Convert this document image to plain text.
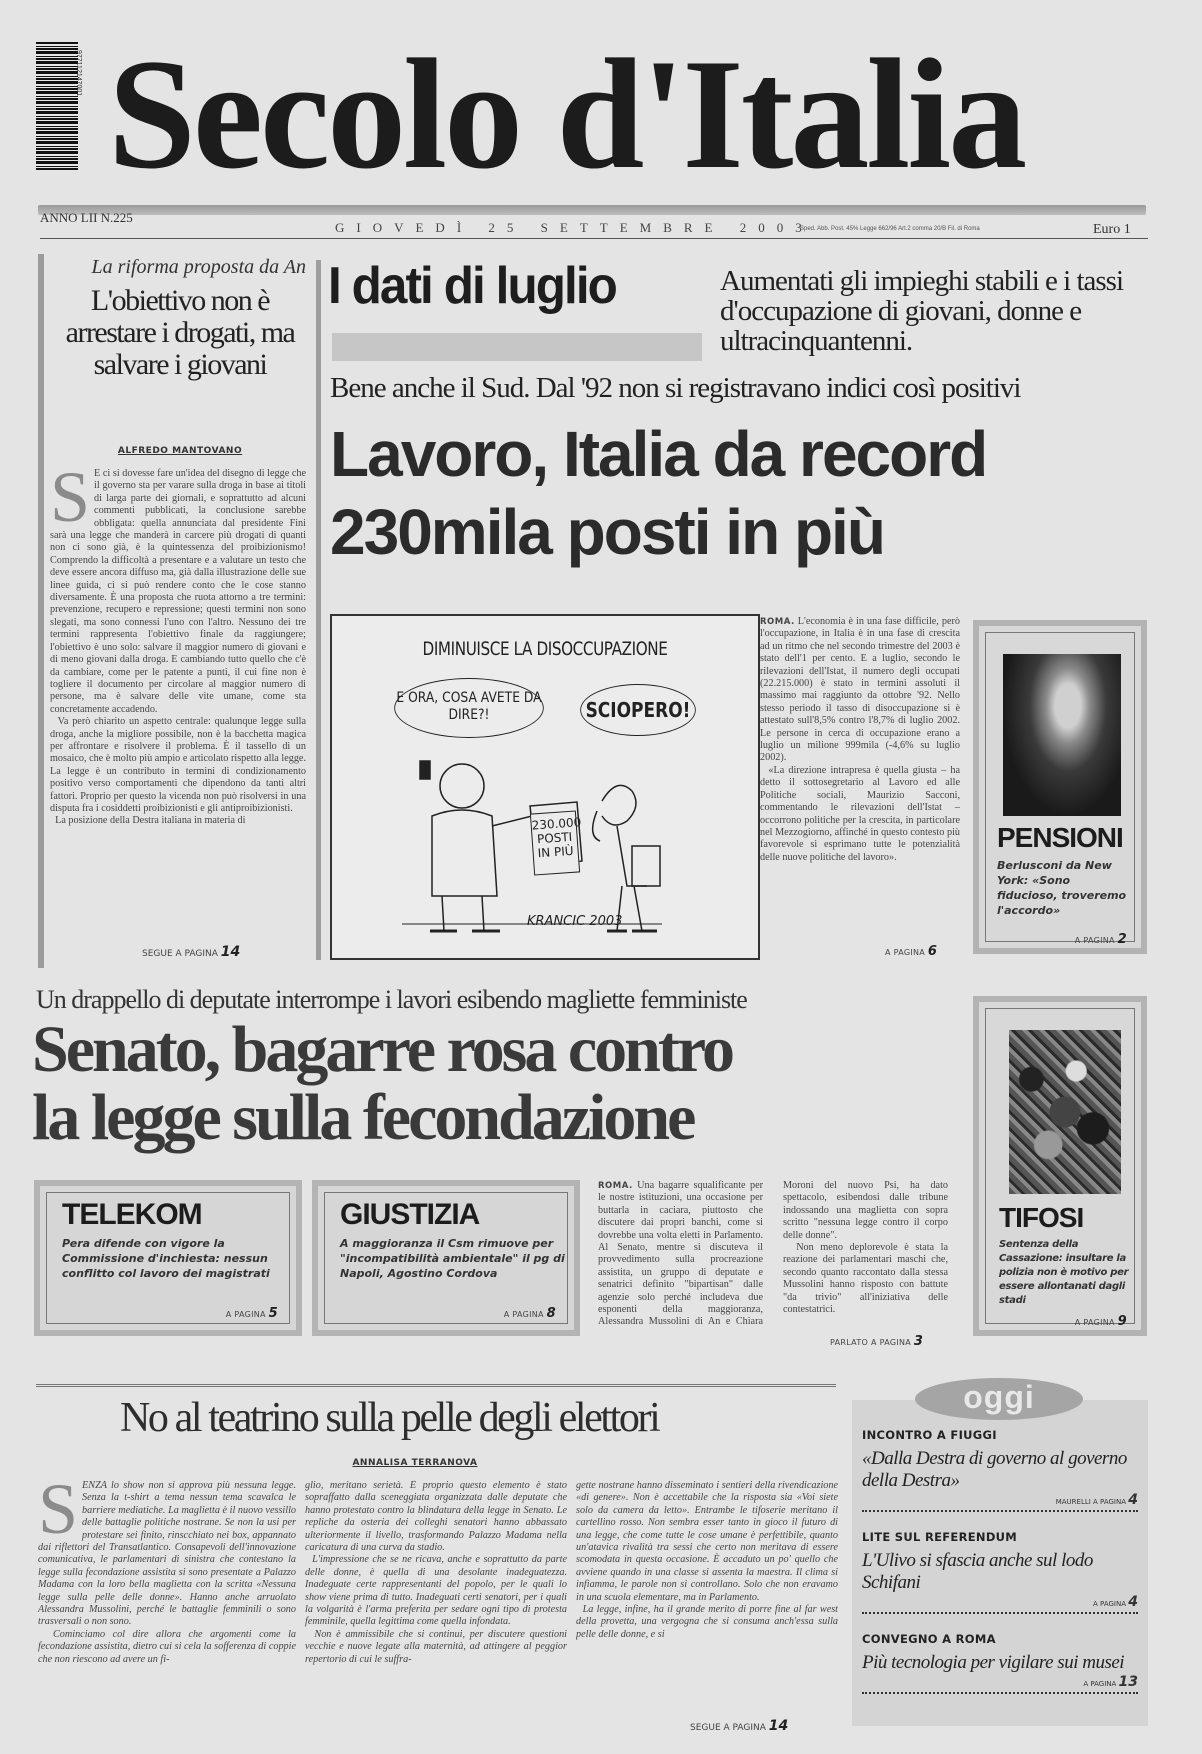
977112147001 Secolo d'Italia
ANNO LII N.225
GIOVEDÌ 25 SETTEMBRE 2003
Sped. Abb. Post. 45% Legge 662/96 Art.2 comma 20/B Fil. di Roma	Euro 1
La riforma proposta da An
L'obiettivo non è arrestare i drogati, ma salvare i giovani
ALFREDO MANTOVANO
S E ci si dovesse fare un'idea del disegno di legge che il governo sta per varare sulla droga in base ai titoli di larga parte dei giornali, e soprattutto ad alcuni commenti pubblicati, la conclusione sarebbe obbligata: quella annunciata dal presidente Fini sarà una legge che manderà in carcere più drogati di quanti non ci sono già, è la quintessenza del proibizionismo! Comprendo la difficoltà a presentare e a valutare un testo che deve essere ancora diffuso ma, già dalla illustrazione delle sue linee guida, ci si può rendere conto che le cose stanno diversamente. È una proposta che ruota attorno a tre termini: prevenzione, recupero e repressione; questi termini non sono slegati, ma sono connessi l'uno con l'altro. Nessuno dei tre termini rappresenta l'obiettivo finale da raggiungere; l'obiettivo è uno solo: salvare il maggior numero di giovani e di meno giovani dalla droga. E cambiando tutto quello che c'è da cambiare, come per le patente a punti, il cui fine non è togliere il documento per circolare al maggior numero di persone, ma è salvare delle vite umane, come sta concretamente accadendo.
Va però chiarito un aspetto centrale: qualunque legge sulla droga, anche la migliore possibile, non è la bacchetta magica per affrontare e risolvere il problema. È il tassello di un mosaico, che è molto più ampio e articolato rispetto alla legge. La legge è un contributo in termini di condizionamento positivo verso comportamenti che dipendono da tanti altri fattori. Proprio per questo la vicenda non può risolversi in una disputa fra i cosiddetti proibizionisti e gli antiproibizionisti.
La posizione della Destra italiana in materia di
SEGUE A PAGINA 14
I dati di luglio	Aumentati gli impieghi stabili e i tassi d'occupazione di giovani, donne e ultracinquantenni.
Bene anche il Sud. Dal '92 non si registravano indici così positivi
Lavoro, Italia da record
230mila posti in più
DIMINUISCE LA DISOCCUPAZIONE
E ORA, COSA AVETE DA DIRE?!	SCIOPERO!
230.000 POSTI IN PIÙ
KRANCIC 2003
ROMA. L'economia è in una fase difficile, però l'occupazione, in Italia è in una fase di crescita ad un ritmo che nel secondo trimestre del 2003 è stato dell'1 per cento. E a luglio, secondo le rilevazioni dell'Istat, il numero degli occupati (22.215.000) è stato in termini assoluti il massimo mai raggiunto da ottobre '92. Nello stesso periodo il tasso di disoccupazione si è attestato sull'8,5% contro l'8,7% di luglio 2002. Le persone in cerca di occupazione erano a luglio un milione 999mila (-4,6% su luglio 2002).
«La direzione intrapresa è quella giusta – ha detto il sottosegretario al Lavoro ed alle Politiche sociali, Maurizio Sacconi, commentando le rilevazioni dell'Istat – occorrono politiche per la crescita, in particolare nel Mezzogiorno, affinché in questo contesto più favorevole si esprimano tutte le potenzialità delle nuove politiche del lavoro».
A PAGINA 6
PENSIONI
Berlusconi da New York: «Sono fiducioso, troveremo l'accordo»
A PAGINA 2
Un drappello di deputate interrompe i lavori esibendo magliette femministe
Senato, bagarre rosa contro
la legge sulla fecondazione
TELEKOM
Pera difende con vigore la Commissione d'inchiesta: nessun conflitto col lavoro dei magistrati
A PAGINA 5
GIUSTIZIA
A maggioranza il Csm rimuove per "incompatibilità ambientale" il pg di Napoli, Agostino Cordova
A PAGINA 8
ROMA. Una bagarre squalificante per le nostre istituzioni, una occasione per buttarla in caciara, piuttosto che discutere dai propri banchi, come si dovrebbe una volta eletti in Parlamento. Al Senato, mentre si discuteva il provvedimento sulla procreazione assistita, un gruppo di deputate e senatrici definito "bipartisan" dalle agenzie solo perché includeva due esponenti della maggioranza, Alessandra Mussolini di An e Chiara Moroni del nuovo Psi, ha dato spettacolo, esibendosi dalle tribune indossando una maglietta con sopra scritto "nessuna legge contro il corpo delle donne".
Non meno deplorevole è stata la reazione dei parlamentari maschi che, secondo quanto raccontato dalla stessa Mussolini hanno risposto con battute "da trivio" all'iniziativa delle contestatrici.
PARLATO A PAGINA 3
TIFOSI
Sentenza della Cassazione: insultare la polizia non è motivo per essere allontanati dagli stadi
A PAGINA 9
No al teatrino sulla pelle degli elettori
ANNALISA TERRANOVA
S ENZA lo show non si approva più nessuna legge. Senza la t-shirt a tema nessun tema scavalca le barriere mediatiche. La maglietta è il nuovo vessillo delle battaglie politiche nostrane. Se non la usi per protestare sei finito, rinscchiato nei box, appannato dai riflettori del Transatlantico. Consapevoli dell'innovazione comunicativa, le parlamentari di sinistra che contestano la legge sulla fecondazione assistita si sono presentate a Palazzo Madama con la loro bella maglietta con la scritta «Nessuna legge sulla pelle delle donne». Hanno anche arruolato Alessandra Mussolini, perché le battaglie femminili o sono trasversali o non sono.
Cominciamo col dire allora che argomenti come la fecondazione assistita, dietro cui si cela la sofferenza di coppie che non riescono ad avere un fi-
glio, meritano serietà. È proprio questo elemento è stato sopraffatto dalla sceneggiata organizzata dalle deputate che hanno protestato contro la blindatura della legge in Senato. Le repliche da osteria dei colleghi senatori hanno abbassato ulteriormente il livello, trasformando Palazzo Madama nella caricatura di una curva da stadio.
L'impressione che se ne ricava, anche e soprattutto da parte delle donne, è quella di una desolante inadeguatezza. Inadeguate certe rappresentanti del popolo, per le quali lo show viene prima di tutto. Inadeguati certi senatori, per i quali la volgarità è l'arma preferita per sedare ogni tipo di protesta femminile, quella legittima come quella infondata.
Non è ammissibile che si continui, per discutere questioni vecchie e nuove legate alla maternità, ad attingere al peggior repertorio di cui le suffra-
gette nostrane hanno disseminato i sentieri della rivendicazione «di genere». Non è accettabile che la risposta sia «Voi siete solo da camera da letto». Entrambe le tifoserie meritano il cartellino rosso. Non sembra esser tanto in gioco il futuro di una legge, che come tutte le cose umane è perfettibile, quanto un'atavica rivalità tra sessi che certo non meritava di essere scomodata in questa occasione. È accaduto un po' quello che avviene quando in una classe si assenta la maestra. Il clima si infiamma, le parole non si controllano. Solo che non eravamo in una scuola elementare, ma in Parlamento.
La legge, infine, ha il grande merito di porre fine al far west della provetta, una vergogna che si consuma anch'essa sulla pelle delle donne, e si
SEGUE A PAGINA 14
oggi
INCONTRO A FIUGGI
«Dalla Destra di governo al governo della Destra»
MAURELLI A PAGINA 4
LITE SUL REFERENDUM
L'Ulivo si sfascia anche sul lodo Schifani
A PAGINA 4
CONVEGNO A ROMA
Più tecnologia per vigilare sui musei
A PAGINA 13
